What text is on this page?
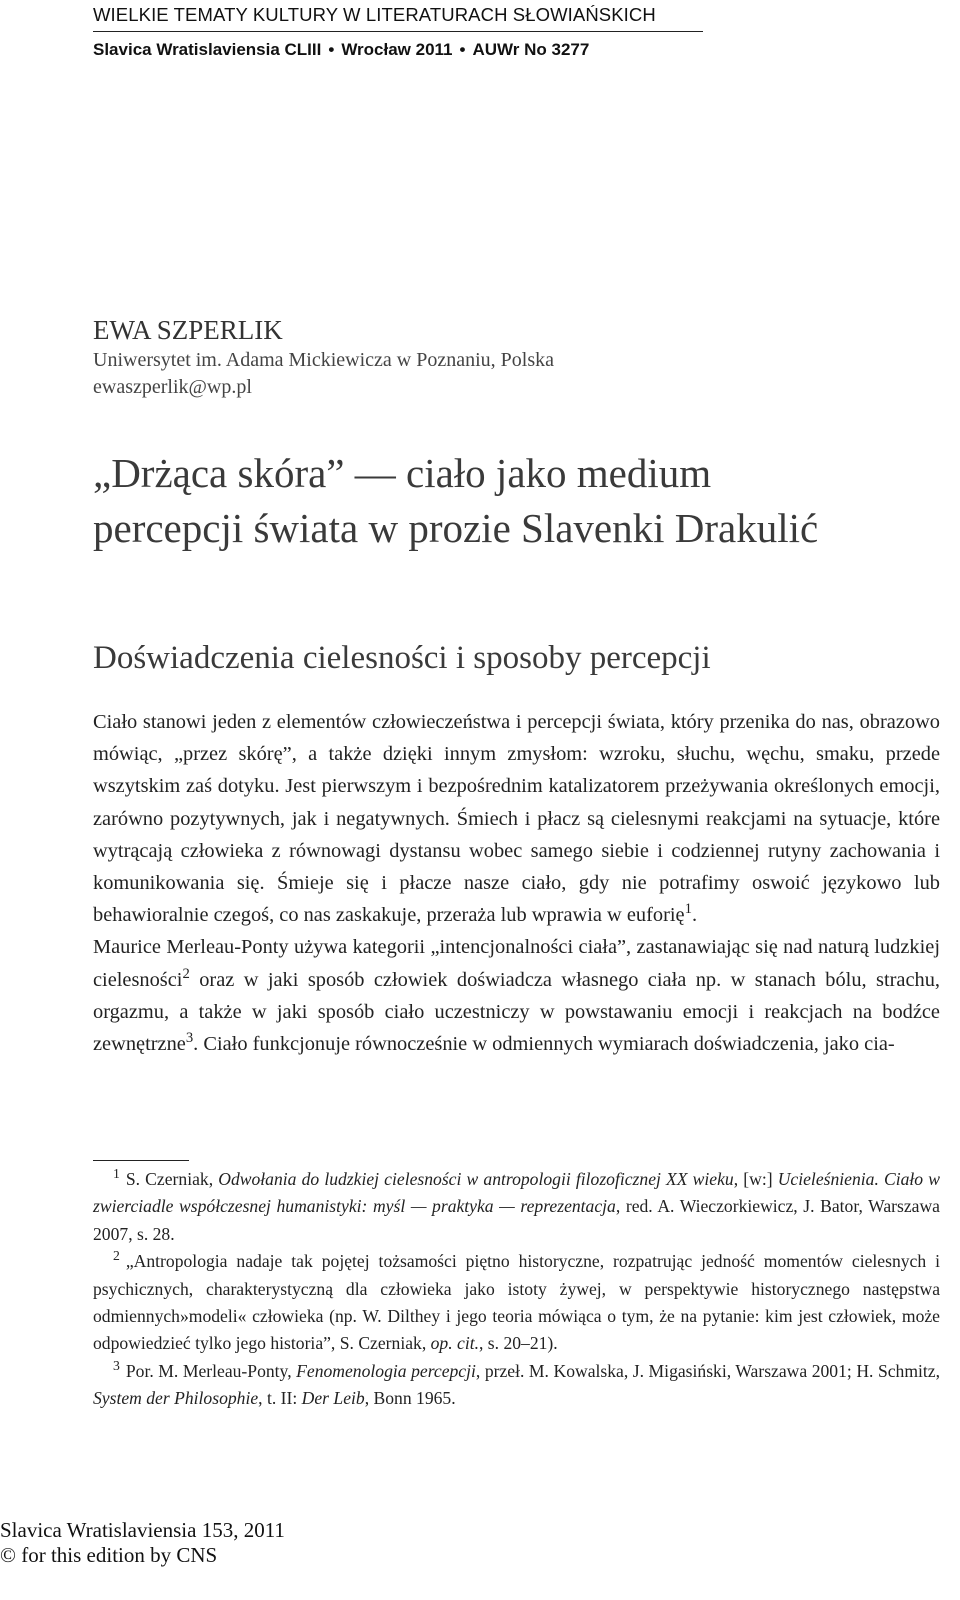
WIELKIE TEMATY KULTURY W LITERATURACH SŁOWIAŃSKICH
Slavica Wratislaviensia CLIII • Wrocław 2011 • AUWr No 3277
EWA SZPERLIK
Uniwersytet im. Adama Mickiewicza w Poznaniu, Polska
ewaszperlik@wp.pl
„Drżąca skóra” — ciało jako medium
percepcji świata w prozie Slavenki Drakulić
Doświadczenia cielesności i sposoby percepcji

Ciało stanowi jeden z elementów człowieczeństwa i percepcji świata, który przenika do nas, obrazowo mówiąc, „przez skórę”, a także dzięki innym zmysłom: wzroku, słuchu, węchu, smaku, przede wszytskim zaś dotyku. Jest pierwszym i bezpośrednim katalizatorem przeżywania określonych emocji, zarówno pozytywnych, jak i negatywnych. Śmiech i płacz są cielesnymi reakcjami na sytuacje, które wytrącają człowieka z równowagi dystansu wobec samego siebie i codziennej rutyny zachowania i komunikowania się. Śmieje się i płacze nasze ciało, gdy nie potrafimy oswoić językowo lub behawioralnie czegoś, co nas zaskakuje, przeraża lub wprawia w euforię$^1$.

Maurice Merleau-Ponty używa kategorii „intencjonalności ciała”, zastanawiając się nad naturą ludzkiej cielesności$^2$ oraz w jaki sposób człowiek doświadcza własnego ciała np. w stanach bólu, strachu, orgazmu, a także w jaki sposób ciało uczestniczy w powstawaniu emocji i reakcjach na bodźce zewnętrzne$^3$. Ciało funkcjonuje równocześnie w odmiennych wymiarach doświadczenia, jako cia-

$^1$ S. Czerniak, Odwołania do ludzkiej cielesności w antropologii filozoficznej XX wieku, [w:] Ucieleśnienia. Ciało w zwierciadle współczesnej humanistyki: myśl — praktyka — reprezentacja, red. A. Wieczorkiewicz, J. Bator, Warszawa 2007, s. 28.

$^2$ „Antropologia nadaje tak pojętej tożsamości piętno historyczne, rozpatrując jedność momentów cielesnych i psychicznych, charakterystyczną dla człowieka jako istoty żywej, w perspektywie historycznego następstwa odmiennych»modeli« człowieka (np. W. Dilthey i jego teoria mówiąca o tym, że na pytanie: kim jest człowiek, może odpowiedzieć tylko jego historia”, S. Czerniak, op. cit., s. 20–21).

$^3$ Por. M. Merleau-Ponty, Fenomenologia percepcji, przeł. M. Kowalska, J. Migasiński, Warszawa 2001; H. Schmitz, System der Philosophie, t. II: Der Leib, Bonn 1965.

Slavica Wratislaviensia 153, 2011
© for this edition by CNS
